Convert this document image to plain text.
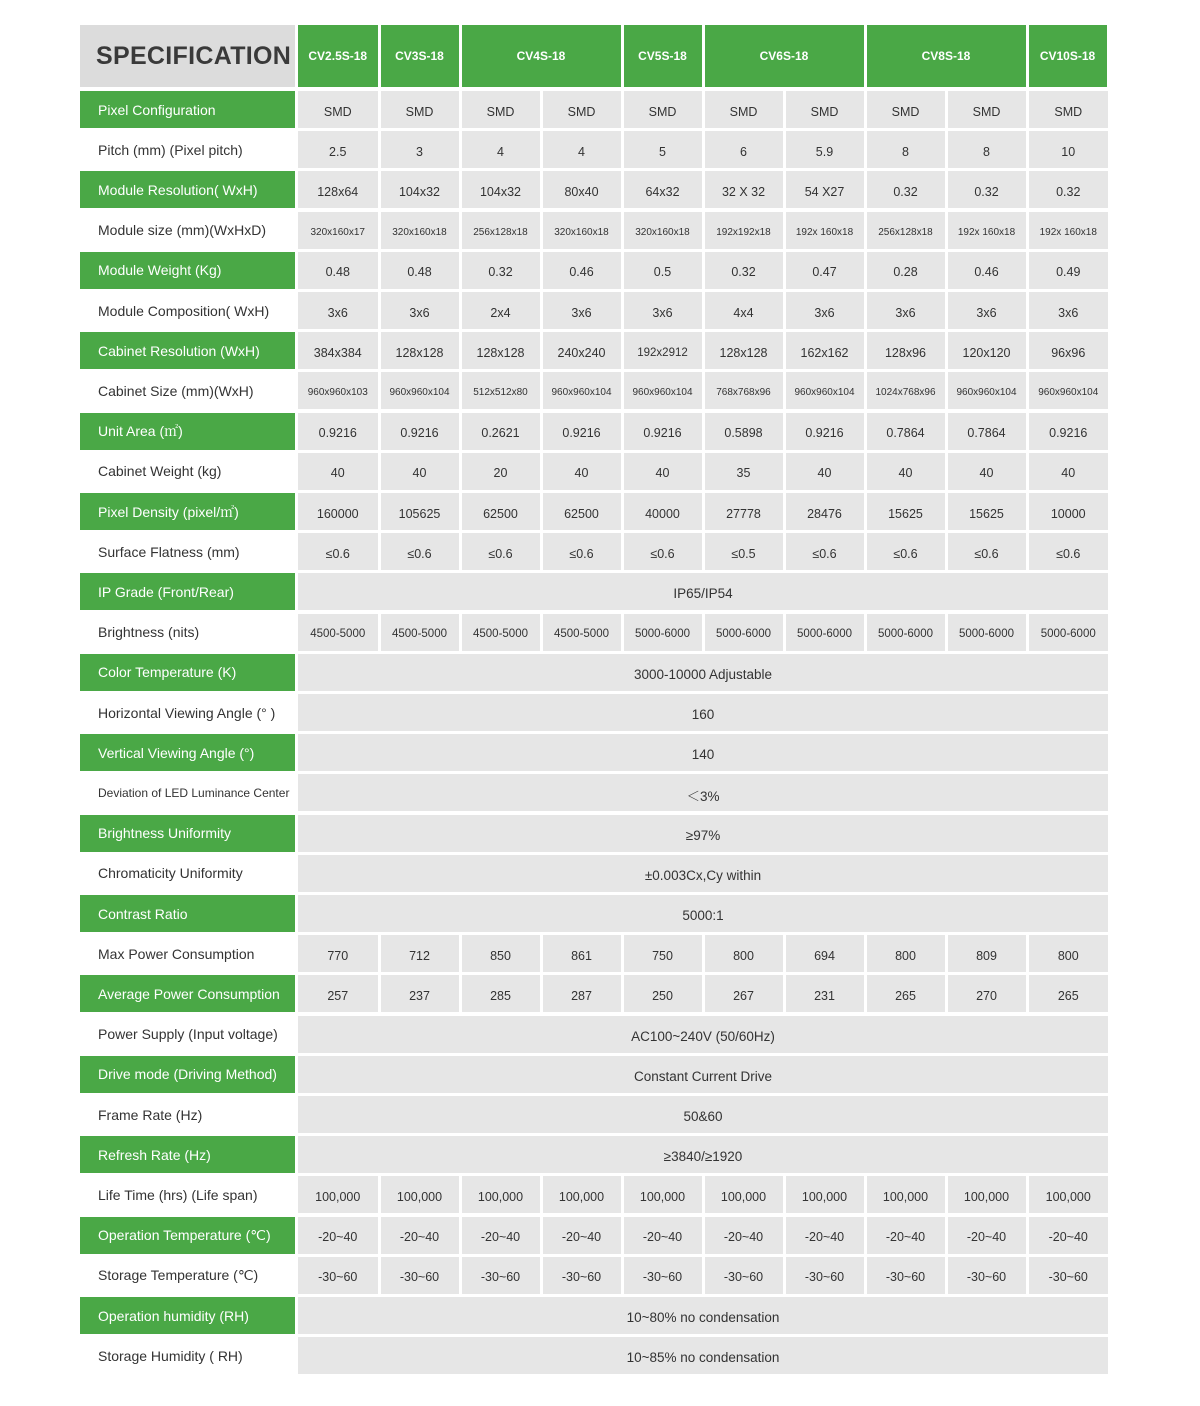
SPECIFICATION	CV2.5S-18	CV3S-18	CV4S-18	CV5S-18	CV6S-18	CV8S-18	CV10S-18
Pixel Configuration	SMD	SMD	SMD	SMD	SMD	SMD	SMD	SMD	SMD	SMD
Pitch (mm) (Pixel pitch)	2.5	3	4	4	5	6	5.9	8	8	10
Module Resolution( WxH)	128x64	104x32	104x32	80x40	64x32	32 X 32	54 X27	0.32	0.32	0.32
Module size (mm)(WxHxD)	320x160x17	320x160x18	256x128x18	320x160x18	320x160x18	192x192x18	192x 160x18	256x128x18	192x 160x18	192x 160x18
Module Weight (Kg)	0.48	0.48	0.32	0.46	0.5	0.32	0.47	0.28	0.46	0.49
Module Composition( WxH)	3x6	3x6	2x4	3x6	3x6	4x4	3x6	3x6	3x6	3x6
Cabinet Resolution (WxH)	384x384	128x128	128x128	240x240	192x2912	128x128	162x162	128x96	120x120	96x96
Cabinet Size (mm)(WxH)	960x960x103	960x960x104	512x512x80	960x960x104	960x960x104	768x768x96	960x960x104	1024x768x96	960x960x104	960x960x104
Unit Area (㎡)	0.9216	0.9216	0.2621	0.9216	0.9216	0.5898	0.9216	0.7864	0.7864	0.9216
Cabinet Weight (kg)	40	40	20	40	40	35	40	40	40	40
Pixel Density (pixel/㎡)	160000	105625	62500	62500	40000	27778	28476	15625	15625	10000
Surface Flatness (mm)	≤0.6	≤0.6	≤0.6	≤0.6	≤0.6	≤0.5	≤0.6	≤0.6	≤0.6	≤0.6
IP Grade (Front/Rear)	IP65/IP54
Brightness (nits)	4500-5000	4500-5000	4500-5000	4500-5000	5000-6000	5000-6000	5000-6000	5000-6000	5000-6000	5000-6000
Color Temperature (K)	3000-10000 Adjustable
Horizontal Viewing Angle (° )	160
Vertical Viewing Angle (°)	140
Deviation of LED Luminance Center	＜3%
Brightness Uniformity	≥97%
Chromaticity Uniformity	±0.003Cx,Cy within
Contrast Ratio	5000:1
Max Power Consumption	770	712	850	861	750	800	694	800	809	800
Average Power Consumption	257	237	285	287	250	267	231	265	270	265
Power Supply (Input voltage)	AC100~240V (50/60Hz)
Drive mode (Driving Method)	Constant Current Drive
Frame Rate (Hz)	50&60
Refresh Rate (Hz)	≥3840/≥1920
Life Time (hrs) (Life span)	100,000	100,000	100,000	100,000	100,000	100,000	100,000	100,000	100,000	100,000
Operation Temperature (℃)	-20~40	-20~40	-20~40	-20~40	-20~40	-20~40	-20~40	-20~40	-20~40	-20~40
Storage Temperature (℃)	-30~60	-30~60	-30~60	-30~60	-30~60	-30~60	-30~60	-30~60	-30~60	-30~60
Operation humidity (RH)	10~80% no condensation
Storage Humidity ( RH)	10~85% no condensation
